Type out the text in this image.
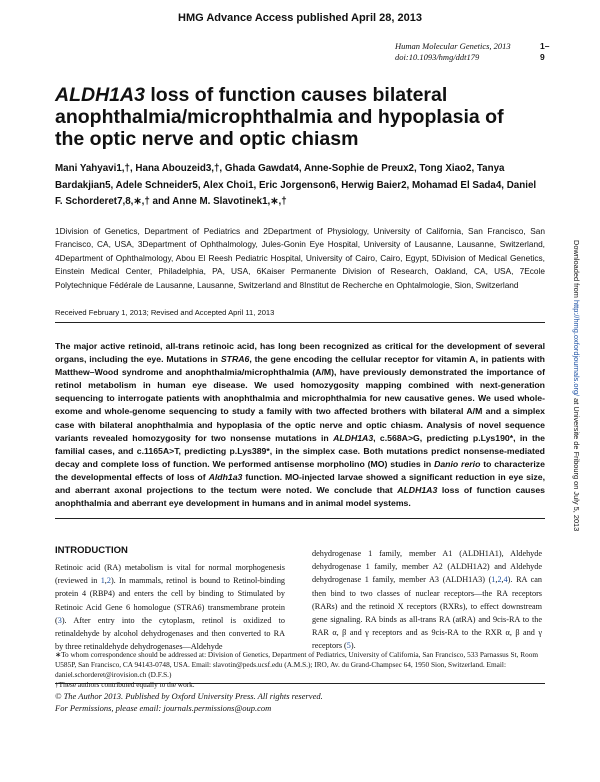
HMG Advance Access published April 28, 2013
Human Molecular Genetics, 2013
doi:10.1093/hmg/ddt179
1–9
ALDH1A3 loss of function causes bilateral anophthalmia/microphthalmia and hypoplasia of the optic nerve and optic chiasm
Mani Yahyavi1,†, Hana Abouzeid3,†, Ghada Gawdat4, Anne-Sophie de Preux2, Tong Xiao2, Tanya Bardakjian5, Adele Schneider5, Alex Choi1, Eric Jorgenson6, Herwig Baier2, Mohamad El Sada4, Daniel F. Schorderet7,8,∗,† and Anne M. Slavotinek1,∗,†
1Division of Genetics, Department of Pediatrics and 2Department of Physiology, University of California, San Francisco, San Francisco, CA, USA, 3Department of Ophthalmology, Jules-Gonin Eye Hospital, University of Lausanne, Lausanne, Switzerland, 4Department of Ophthalmology, Abou El Reesh Pediatric Hospital, University of Cairo, Cairo, Egypt, 5Division of Medical Genetics, Einstein Medical Center, Philadelphia, PA, USA, 6Kaiser Permanente Division of Research, Oakland, CA, USA, 7Ecole Polytechnique Fédérale de Lausanne, Lausanne, Switzerland and 8Institut de Recherche en Ophtalmologie, Sion, Switzerland
Received February 1, 2013; Revised and Accepted April 11, 2013
The major active retinoid, all-trans retinoic acid, has long been recognized as critical for the development of several organs, including the eye. Mutations in STRA6, the gene encoding the cellular receptor for vitamin A, in patients with Matthew–Wood syndrome and anophthalmia/microphthalmia (A/M), have previously demonstrated the importance of retinol metabolism in human eye disease. We used homozygosity mapping combined with next-generation sequencing to interrogate patients with anophthalmia and microphthalmia for new causative genes. We used whole-exome and whole-genome sequencing to study a family with two affected brothers with bilateral A/M and a simplex case with bilateral anophthalmia and hypoplasia of the optic nerve and optic chiasm. Analysis of novel sequence variants revealed homozygosity for two nonsense mutations in ALDH1A3, c.568A>G, predicting p.Lys190*, in the familial cases, and c.1165A>T, predicting p.Lys389*, in the simplex case. Both mutations predict nonsense-mediated decay and complete loss of function. We performed antisense morpholino (MO) studies in Danio rerio to characterize the developmental effects of loss of Aldh1a3 function. MO-injected larvae showed a significant reduction in eye size, and aberrant axonal projections to the tectum were noted. We conclude that ALDH1A3 loss of function causes anophthalmia and aberrant eye development in humans and in animal model systems.
INTRODUCTION
Retinoic acid (RA) metabolism is vital for normal morphogenesis (reviewed in 1,2). In mammals, retinol is bound to Retinol-binding protein 4 (RBP4) and enters the cell by binding to Stimulated by Retinoic Acid Gene 6 homologue (STRA6) transmembrane protein (3). After entry into the cytoplasm, retinol is oxidized to retinaldehyde by alcohol dehydrogenases and then converted to RA by three retinaldehyde dehydrogenases—Aldehyde
dehydrogenase 1 family, member A1 (ALDH1A1), Aldehyde dehydrogenase 1 family, member A2 (ALDH1A2) and Aldehyde dehydrogenase 1 family, member A3 (ALDH1A3) (1,2,4). RA can then bind to two classes of nuclear receptors—the RA receptors (RARs) and the retinoid X receptors (RXRs), to effect downstream gene signaling. RA binds as all-trans RA (atRA) and 9cis-RA to the RAR α, β and γ receptors and as 9cis-RA to the RXR α, β and γ receptors (5).
∗To whom correspondence should be addressed at: Division of Genetics, Department of Pediatrics, University of California, San Francisco, 533 Parnassus St, Room U585P, San Francisco, CA 94143-0748, USA. Email: slavotin@peds.ucsf.edu (A.M.S.); IRO, Av. du Grand-Champsec 64, 1950 Sion, Switzerland. Email: daniel.schorderet@irovision.ch (D.F.S.)
†These authors contributed equally to the work.
© The Author 2013. Published by Oxford University Press. All rights reserved.
For Permissions, please email: journals.permissions@oup.com
Downloaded from http://hmg.oxfordjournals.org/ at Universite de Fribourg on July 5, 2013
